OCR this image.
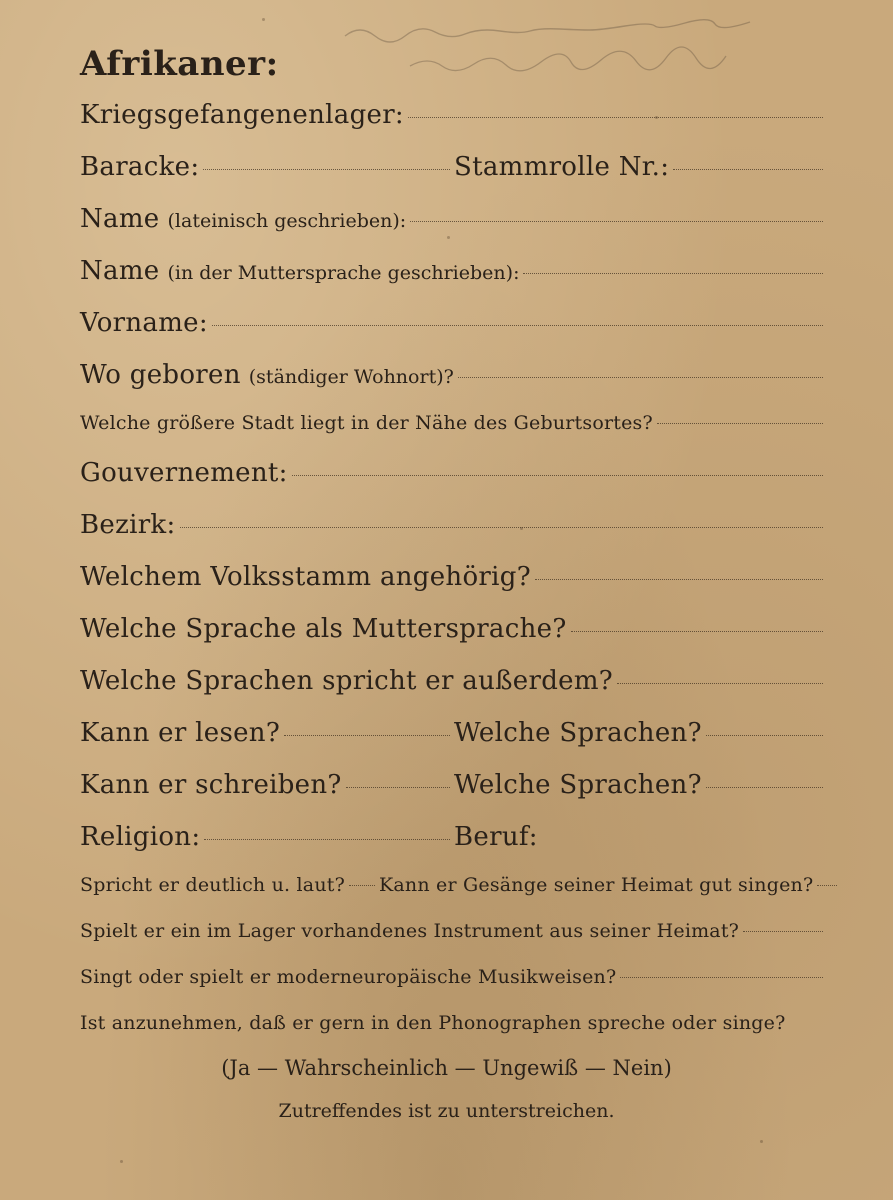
Afrikaner:
Kriegsgefangenenlager:
Baracke:	Stammrolle Nr.:
Name (lateinisch geschrieben):
Name (in der Muttersprache geschrieben):
Vorname:
Wo geboren (ständiger Wohnort)?
Welche größere Stadt liegt in der Nähe des Geburtsortes?
Gouvernement:
Bezirk:
Welchem Volksstamm angehörig?
Welche Sprache als Muttersprache?
Welche Sprachen spricht er außerdem?
Kann er lesen?	Welche Sprachen?
Kann er schreiben?	Welche Sprachen?
Religion:	Beruf:
Spricht er deutlich u. laut? Kann er Gesänge seiner Heimat gut singen?
Spielt er ein im Lager vorhandenes Instrument aus seiner Heimat?
Singt oder spielt er moderneuropäische Musikweisen?
Ist anzunehmen, daß er gern in den Phonographen spreche oder singe?
(Ja — Wahrscheinlich — Ungewiß — Nein)
Zutreffendes ist zu unterstreichen.
